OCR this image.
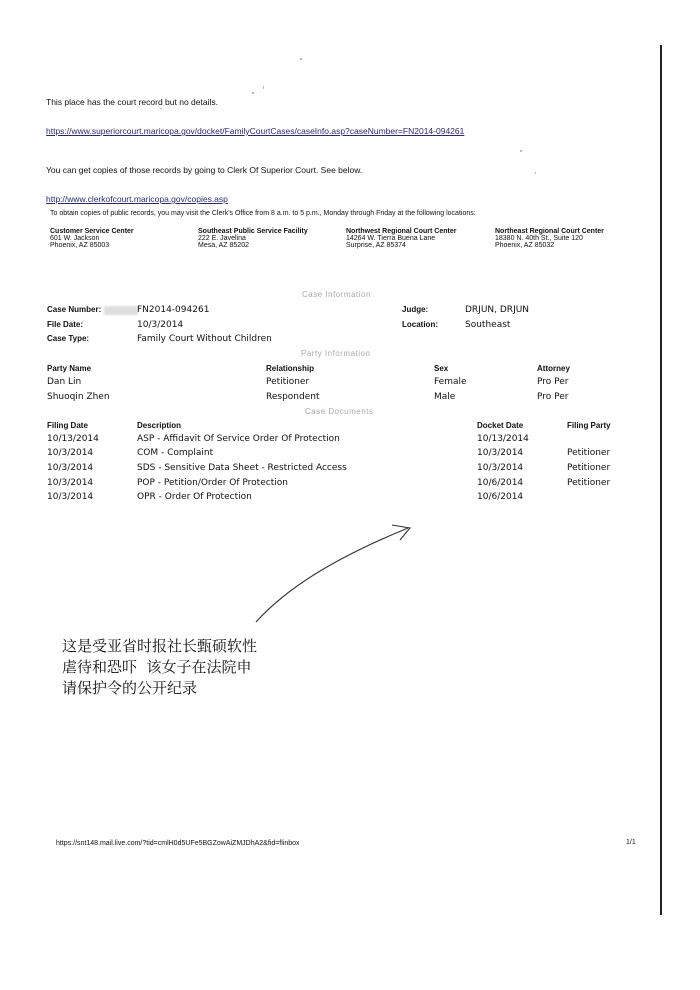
This place has the court record but no details.
https://www.superiorcourt.maricopa.gov/docket/FamilyCourtCases/caseInfo.asp?caseNumber=FN2014-094261
You can get copies of those records by going to Clerk Of Superior Court. See below.
http://www.clerkofcourt.maricopa.gov/copies.asp
To obtain copies of public records, you may visit the Clerk's Office from 8 a.m. to 5 p.m., Monday through Friday at the following locations:
Customer Service Center
601 W. Jackson
Phoenix, AZ 85003
Southeast Public Service Facility
222 E. Javelina
Mesa, AZ 85202
Northwest Regional Court Center
14264 W. Tierra Buena Lane
Surprise, AZ 85374
Northeast Regional Court Center
18380 N. 40th St., Suite 120
Phoenix, AZ 85032
Case Information
Case Number:	FN2014-094261
File Date:	10/3/2014
Case Type:	Family Court Without Children
Judge:	DRJUN, DRJUN
Location:	Southeast
Party Information
Party Name	Relationship	Sex	Attorney
Dan Lin	Petitioner	Female	Pro Per
Shuoqin Zhen	Respondent	Male	Pro Per
Case Documents
Filing Date	Description	Docket Date	Filing Party
10/13/2014	ASP - Affidavit Of Service Order Of Protection	10/13/2014
10/3/2014	COM - Complaint	10/3/2014	Petitioner
10/3/2014	SDS - Sensitive Data Sheet - Restricted Access	10/3/2014	Petitioner
10/3/2014	POP - Petition/Order Of Protection	10/6/2014	Petitioner
10/3/2014	OPR - Order Of Protection	10/6/2014
这是受亚省时报社长甄硕软性
虐待和恐吓  该女子在法院申
请保护令的公开纪录
https://snt148.mail.live.com/?tid=cmlH0d5UFe5BGZowAiZMJDhA2&fid=flinbox	1/1
